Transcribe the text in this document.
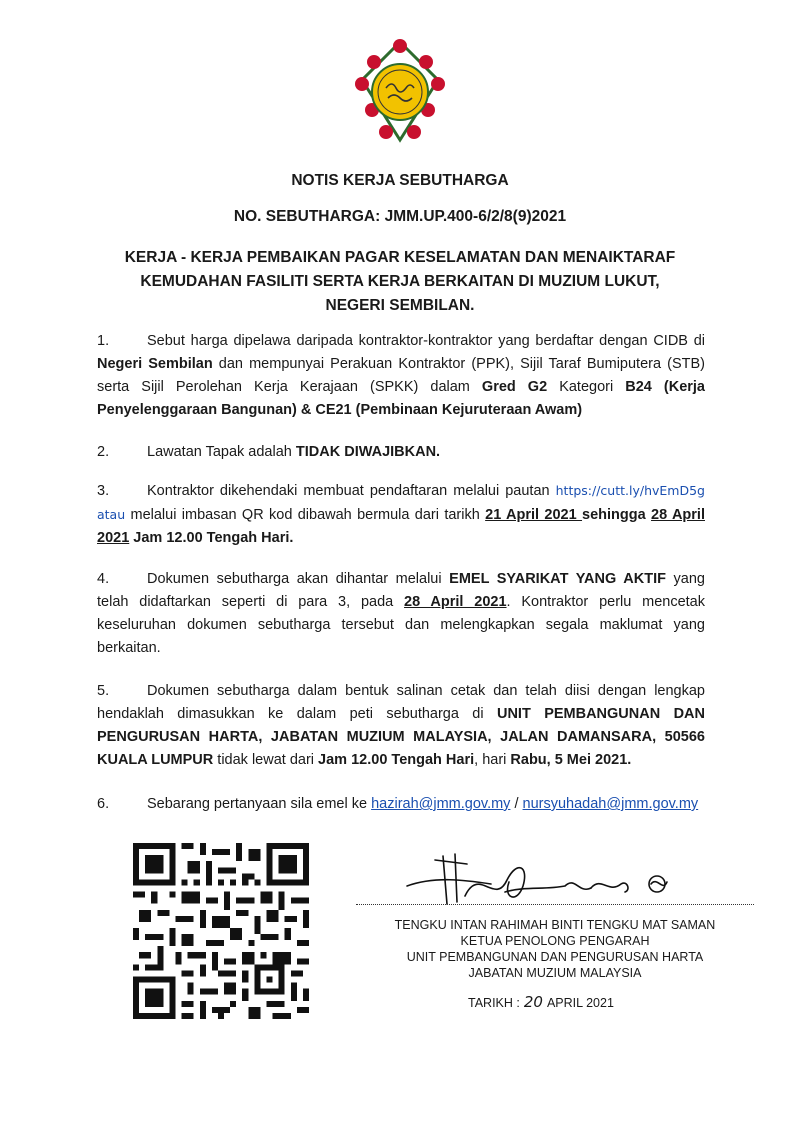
NOTIS KERJA SEBUTHARGA
NO. SEBUTHARGA: JMM.UP.400-6/2/8(9)2021
KERJA - KERJA PEMBAIKAN PAGAR KESELAMATAN DAN MENAIKTARAF
KEMUDAHAN FASILITI SERTA KERJA BERKAITAN DI MUZIUM LUKUT,
NEGERI SEMBILAN.

1.	Sebut harga dipelawa daripada kontraktor-kontraktor yang berdaftar dengan CIDB di Negeri Sembilan dan mempunyai Perakuan Kontraktor (PPK), Sijil Taraf Bumiputera (STB) serta Sijil Perolehan Kerja Kerajaan (SPKK) dalam Gred G2 Kategori B24 (Kerja Penyelenggaraan Bangunan) & CE21 (Pembinaan Kejuruteraan Awam)

2.	Lawatan Tapak adalah TIDAK DIWAJIBKAN.

3.	Kontraktor dikehendaki membuat pendaftaran melalui pautan https://cutt.ly/hvEmD5g atau melalui imbasan QR kod dibawah bermula dari tarikh 21 April 2021 sehingga 28 April 2021 Jam 12.00 Tengah Hari.

4.	Dokumen sebutharga akan dihantar melalui EMEL SYARIKAT YANG AKTIF yang telah didaftarkan seperti di para 3, pada 28 April 2021. Kontraktor perlu mencetak keseluruhan dokumen sebutharga tersebut dan melengkapkan segala maklumat yang berkaitan.

5.	Dokumen sebutharga dalam bentuk salinan cetak dan telah diisi dengan lengkap hendaklah dimasukkan ke dalam peti sebutharga di UNIT PEMBANGUNAN DAN PENGURUSAN HARTA, JABATAN MUZIUM MALAYSIA, JALAN DAMANSARA, 50566 KUALA LUMPUR tidak lewat dari Jam 12.00 Tengah Hari, hari Rabu, 5 Mei 2021.

6.	Sebarang pertanyaan sila emel ke hazirah@jmm.gov.my / nursyuhadah@jmm.gov.my

TENGKU INTAN RAHIMAH BINTI TENGKU MAT SAMAN

KETUA PENOLONG PENGARAH

UNIT PEMBANGUNAN DAN PENGURUSAN HARTA

JABATAN MUZIUM MALAYSIA

TARIKH : 20 APRIL 2021
